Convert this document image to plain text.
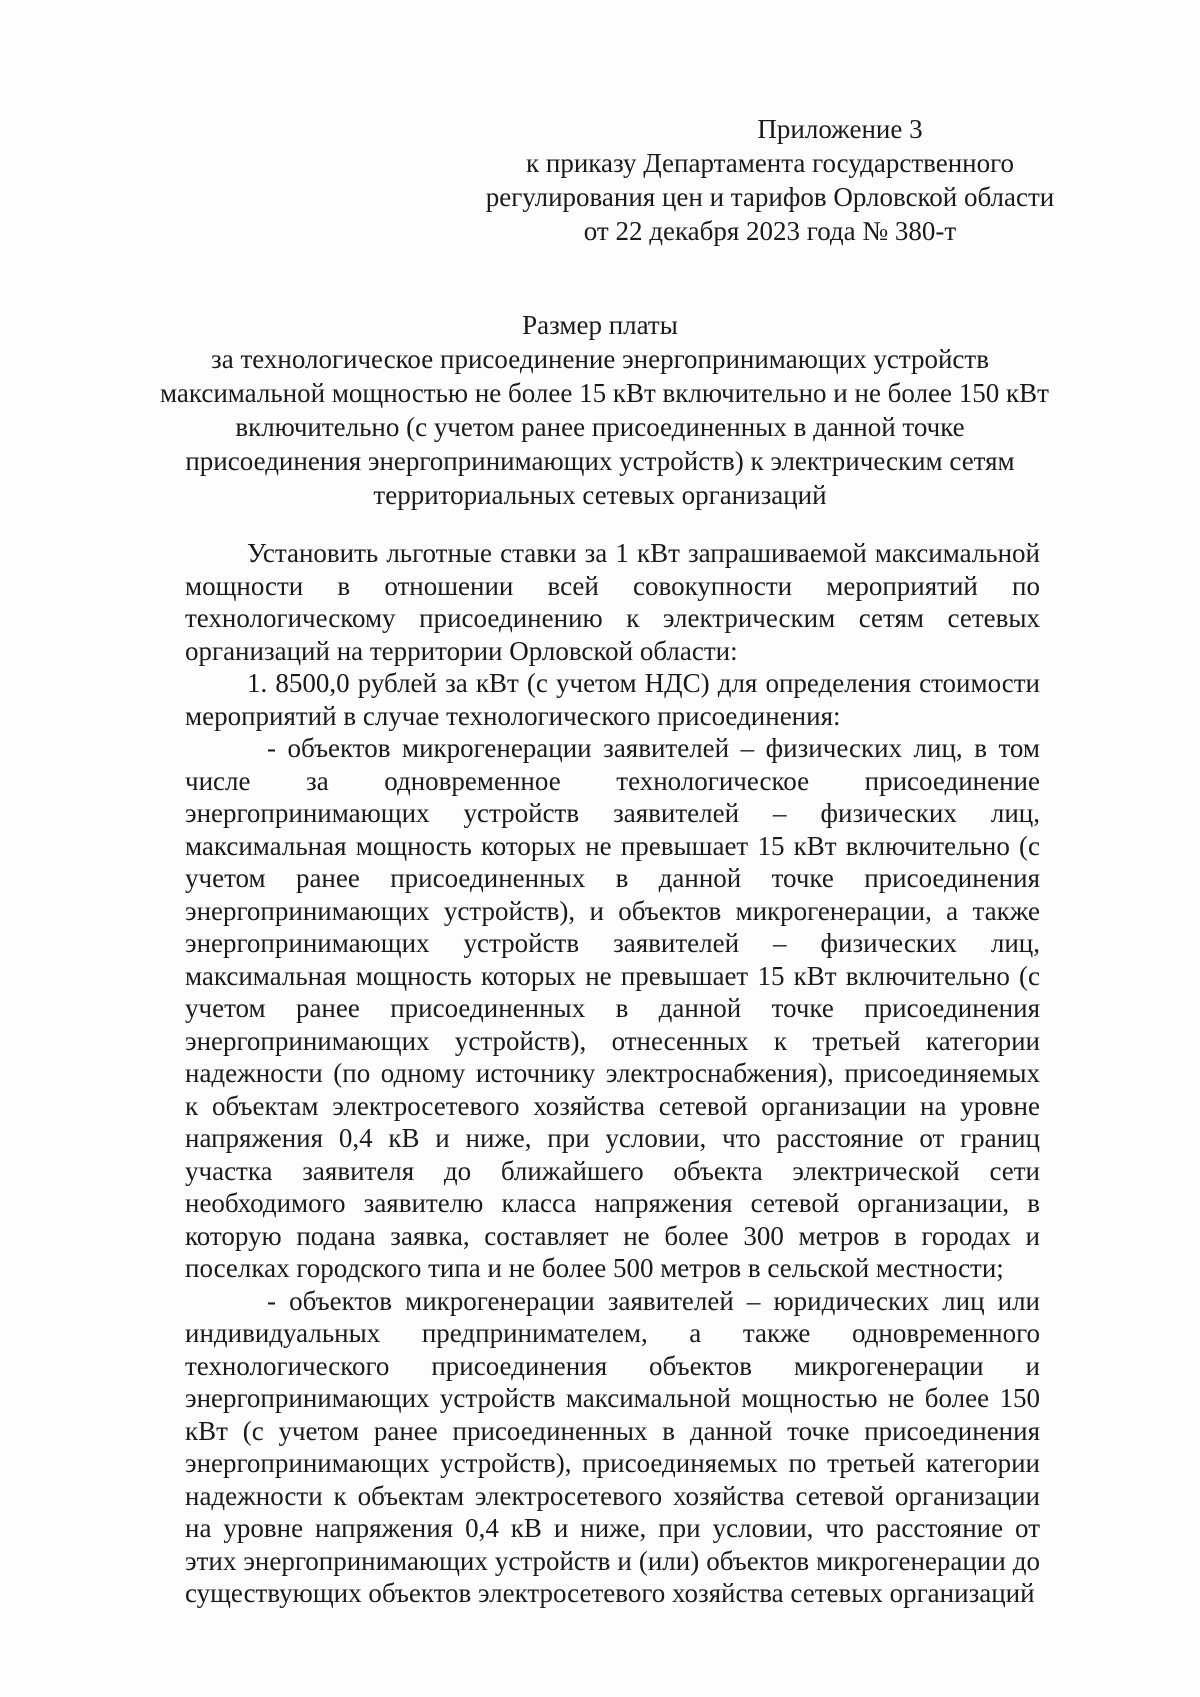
Приложение 3
к приказу Департамента государственного
регулирования цен и тарифов Орловской области
от 22 декабря 2023 года № 380-т
Размер платы
за технологическое присоединение энергопринимающих устройств
максимальной мощностью не более 15 кВт включительно и не более 150 кВт
включительно (с учетом ранее присоединенных в данной точке
присоединения энергопринимающих устройств) к электрическим сетям
территориальных сетевых организаций

Установить льготные ставки за 1 кВт запрашиваемой максимальной мощности в отношении всей совокупности мероприятий по технологическому присоединению к электрическим сетям сетевых организаций на территории Орловской области:

1. 8500,0 рублей за кВт (с учетом НДС) для определения стоимости мероприятий в случае технологического присоединения:

- объектов микрогенерации заявителей – физических лиц, в том числе за одновременное технологическое присоединение энергопринимающих устройств заявителей – физических лиц, максимальная мощность которых не превышает 15 кВт включительно (с учетом ранее присоединенных в данной точке присоединения энергопринимающих устройств), и объектов микрогенерации, а также энергопринимающих устройств заявителей – физических лиц, максимальная мощность которых не превышает 15 кВт включительно (с учетом ранее присоединенных в данной точке присоединения энергопринимающих устройств), отнесенных к третьей категории надежности (по одному источнику электроснабжения), присоединяемых к объектам электросетевого хозяйства сетевой организации на уровне напряжения 0,4 кВ и ниже, при условии, что расстояние от границ участка заявителя до ближайшего объекта электрической сети необходимого заявителю класса напряжения сетевой организации, в которую подана заявка, составляет не более 300 метров в городах и поселках городского типа и не более 500 метров в сельской местности;

- объектов микрогенерации заявителей – юридических лиц или индивидуальных предпринимателем, а также одновременного технологического присоединения объектов микрогенерации и энергопринимающих устройств максимальной мощностью не более 150 кВт (с учетом ранее присоединенных в данной точке присоединения энергопринимающих устройств), присоединяемых по третьей категории надежности к объектам электросетевого хозяйства сетевой организации на уровне напряжения 0,4 кВ и ниже, при условии, что расстояние от этих энергопринимающих устройств и (или) объектов микрогенерации до существующих объектов электросетевого хозяйства сетевых организаций
